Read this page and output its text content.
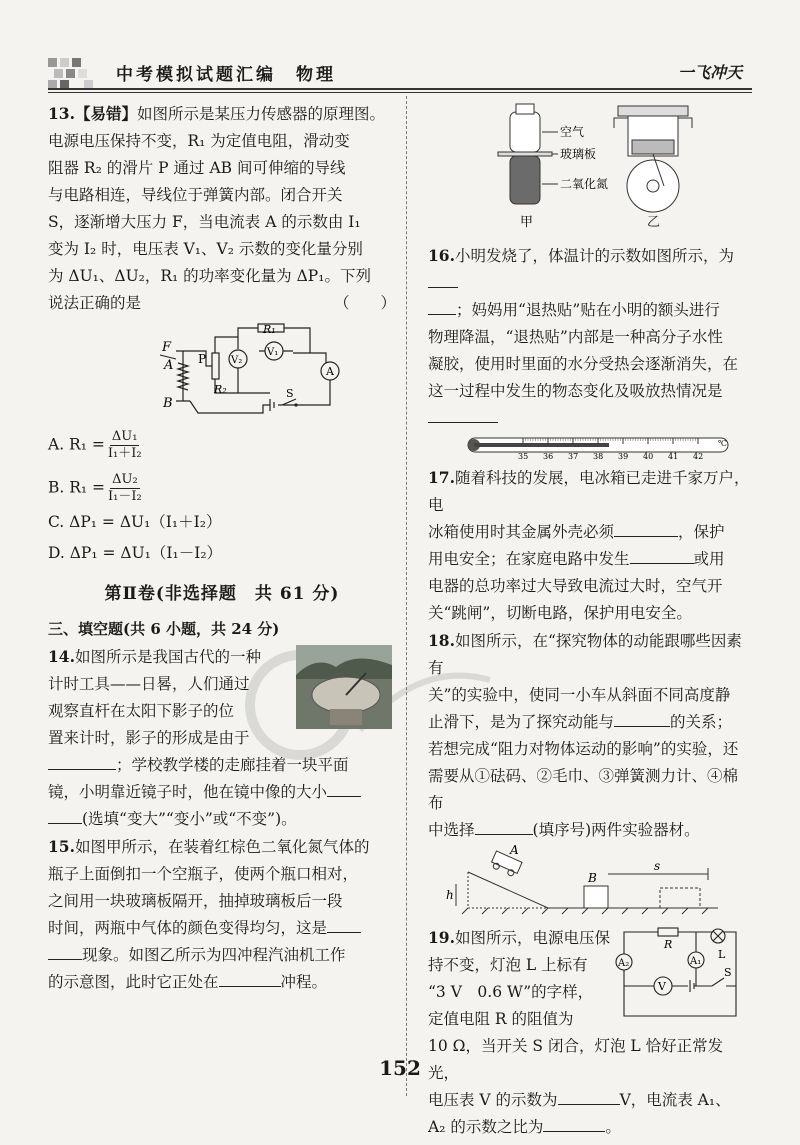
中考模拟试题汇编　物理	一飞冲天

13.【易错】如图所示是某压力传感器的原理图。

电源电压保持不变，R₁ 为定值电阻，滑动变

阻器 R₂ 的滑片 P 通过 AB 间可伸缩的导线

与电路相连，导线位于弹簧内部。闭合开关

S，逐渐增大压力 F，当电流表 A 的示数由 I₁

变为 I₂ 时，电压表 V₁、V₂ 示数的变化量分别

为 ΔU₁、ΔU₂，R₁ 的功率变化量为 ΔP₁。下列

说法正确的是	（　　）

F
A
B
P
R₁
R₂
V₂
V₁
A
S

A. $R_1 = \frac{\text{ΔU₁}}{\text{I₁＋I₂}}$

B. $R_1 = \frac{\text{ΔU₂}}{\text{I₁－I₂}}$

C. ΔP₁ = ΔU₁（I₁＋I₂）

D. ΔP₁ = ΔU₁（I₁－I₂）

第Ⅱ卷(非选择题　共 61 分)
三、填空题(共 6 小题，共 24 分)

14.如图所示是我国古代的一种

计时工具——日晷，人们通过

观察直杆在太阳下影子的位

置来计时，影子的形成是由于

；学校教学楼的走廊挂着一块平面

镜，小明靠近镜子时，他在镜中像的大小

(选填“变大”“变小”或“不变”)。

15.如图甲所示，在装着红棕色二氧化氮气体的

瓶子上面倒扣一个空瓶子，使两个瓶口相对，

之间用一块玻璃板隔开，抽掉玻璃板后一段

时间，两瓶中气体的颜色变得均匀，这是

现象。如图乙所示为四冲程汽油机工作

的示意图，此时它正处在	冲程。

空气
玻璃板
二氧化氮
甲	乙

16.小明发烧了，体温计的示数如图所示，为

；妈妈用“退热贴”贴在小明的额头进行

物理降温，“退热贴”内部是一种高分子水性

凝胶，使用时里面的水分受热会逐渐消失，在

这一过程中发生的物态变化及吸放热情况是

35 36 37 38 39 40 41 42
℃

17.随着科技的发展，电冰箱已走进千家万户，电

冰箱使用时其金属外壳必须	，保护

用电安全；在家庭电路中发生	或用

电器的总功率过大导致电流过大时，空气开

关“跳闸”，切断电路，保护用电安全。

18.如图所示，在“探究物体的动能跟哪些因素有

关”的实验中，使同一小车从斜面不同高度静

止滑下，是为了探究动能与	的关系；

若想完成“阻力对物体运动的影响”的实验，还

需要从①砝码、②毛巾、③弹簧测力计、④棉布

中选择	(填序号)两件实验器材。

A
B
h
s
A₂	A₁
V
R
L
S

19.如图所示，电源电压保

持不变，灯泡 L 上标有

“3 V　0.6 W”的字样，

定值电阻 R 的阻值为

10 Ω，当开关 S 闭合，灯泡 L 恰好正常发光，

电压表 V 的示数为	V，电流表 A₁、

A₂ 的示数之比为	。

152
